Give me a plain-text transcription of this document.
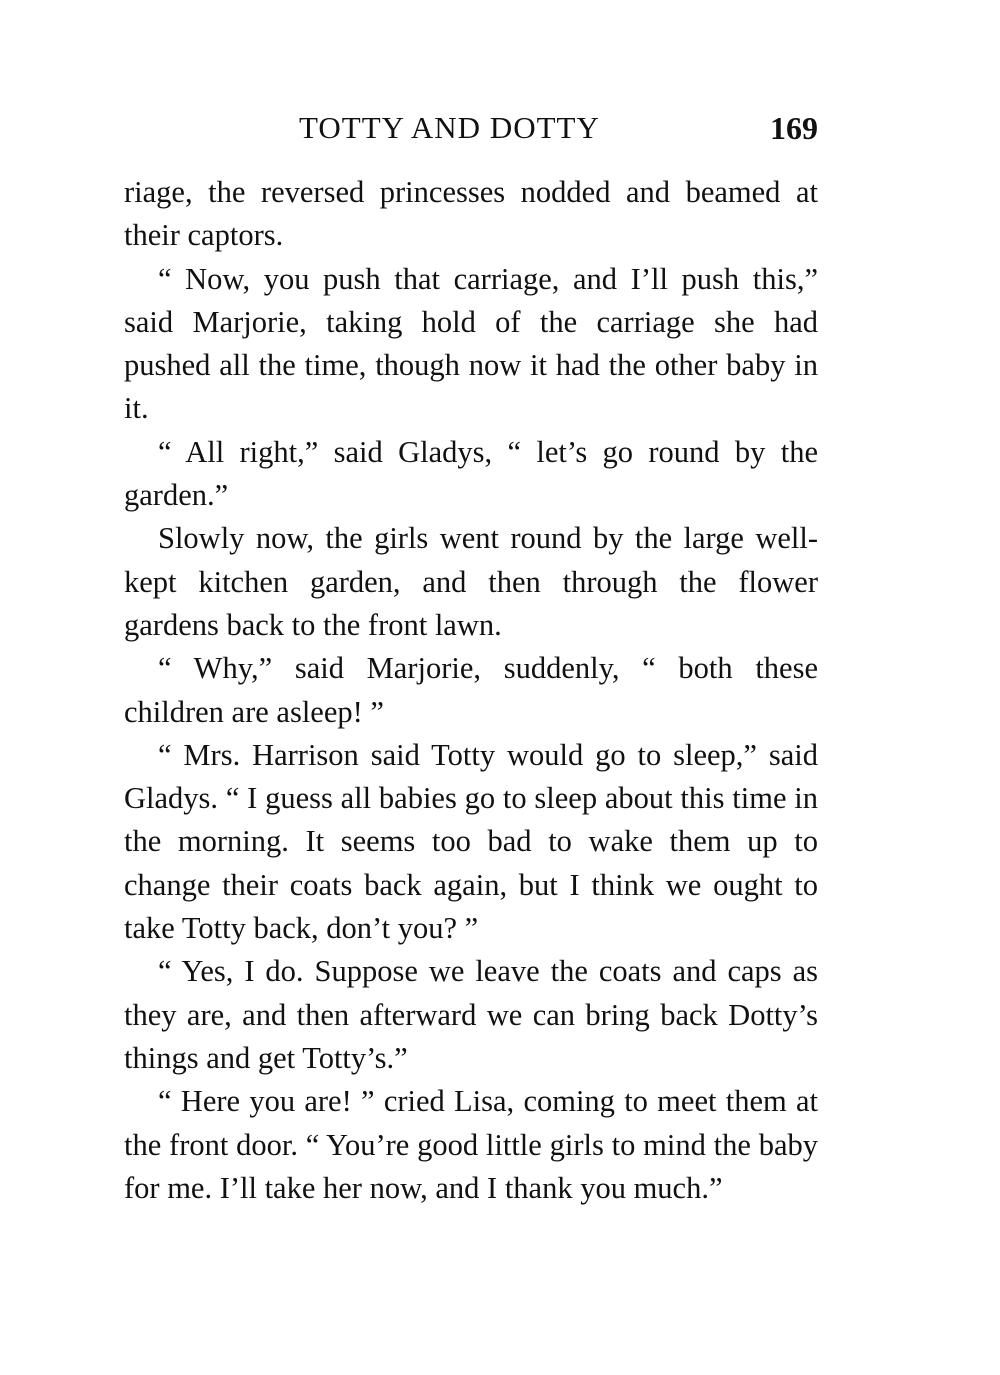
TOTTY AND DOTTY	169

riage, the reversed princesses nodded and beamed at their captors.

“ Now, you push that carriage, and I’ll push this,” said Marjorie, taking hold of the carriage she had pushed all the time, though now it had the other baby in it.

“ All right,” said Gladys, “ let’s go round by the garden.”

Slowly now, the girls went round by the large well-kept kitchen garden, and then through the flower gardens back to the front lawn.

“ Why,” said Marjorie, suddenly, “ both these children are asleep! ”

“ Mrs. Harrison said Totty would go to sleep,” said Gladys. “ I guess all babies go to sleep about this time in the morning. It seems too bad to wake them up to change their coats back again, but I think we ought to take Totty back, don’t you? ”

“ Yes, I do. Suppose we leave the coats and caps as they are, and then afterward we can bring back Dotty’s things and get Totty’s.”

“ Here you are! ” cried Lisa, coming to meet them at the front door. “ You’re good little girls to mind the baby for me. I’ll take her now, and I thank you much.”
